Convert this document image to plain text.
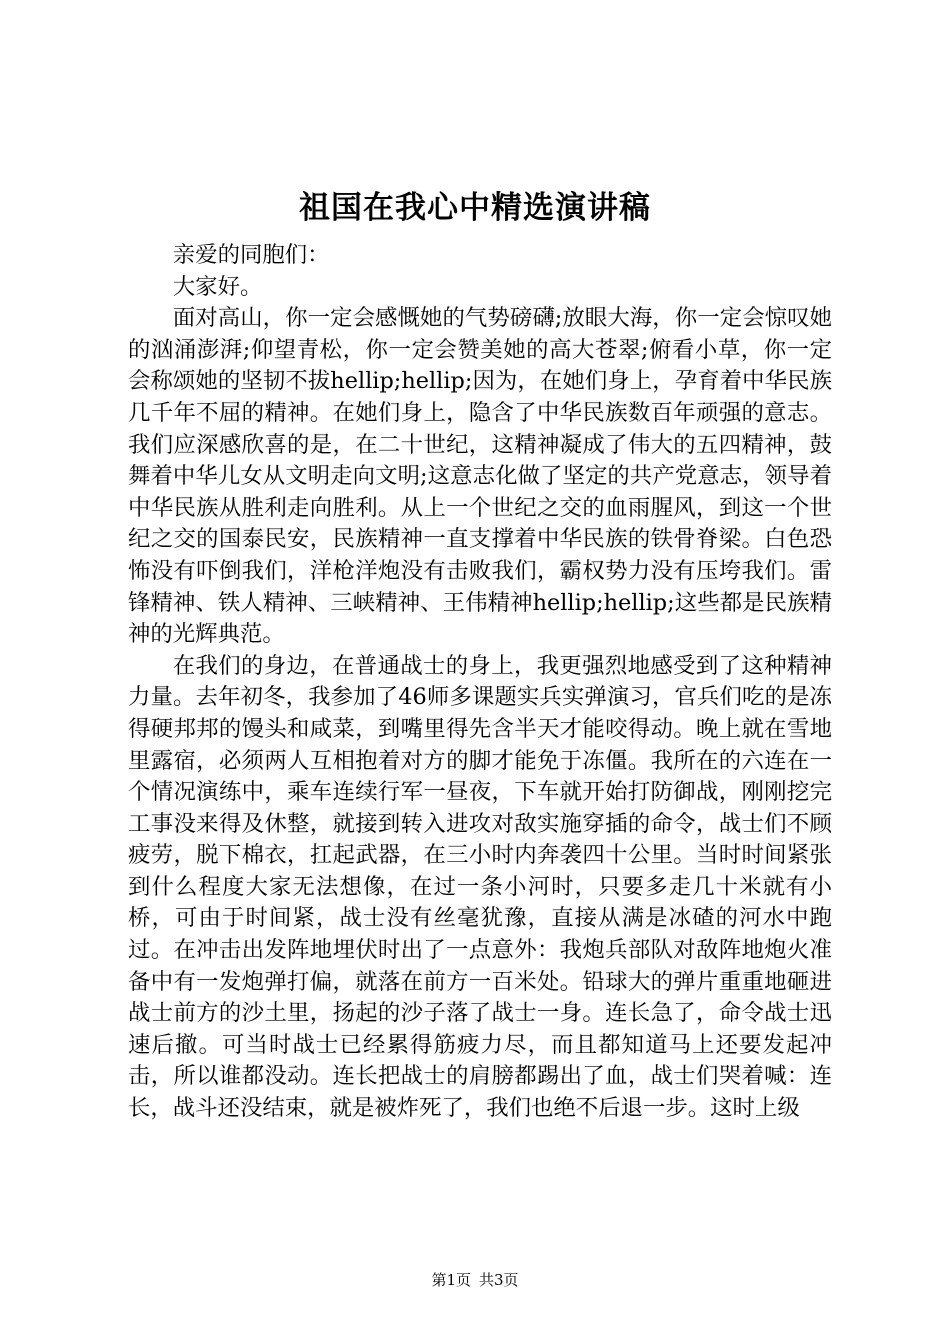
祖国在我心中精选演讲稿

亲爱的同胞们：

大家好。

面对高山，你一定会感慨她的气势磅礴;放眼大海，你一定会惊叹她的汹涌澎湃;仰望青松，你一定会赞美她的高大苍翠;俯看小草，你一定会称颂她的坚韧不拔hellip;hellip;因为，在她们身上，孕育着中华民族几千年不屈的精神。在她们身上，隐含了中华民族数百年顽强的意志。我们应深感欣喜的是，在二十世纪，这精神凝成了伟大的五四精神，鼓舞着中华儿女从文明走向文明;这意志化做了坚定的共产党意志，领导着中华民族从胜利走向胜利。从上一个世纪之交的血雨腥风，到这一个世纪之交的国泰民安，民族精神一直支撑着中华民族的铁骨脊梁。白色恐怖没有吓倒我们，洋枪洋炮没有击败我们，霸权势力没有压垮我们。雷锋精神、铁人精神、三峡精神、王伟精神hellip;hellip;这些都是民族精神的光辉典范。

在我们的身边，在普通战士的身上，我更强烈地感受到了这种精神力量。去年初冬，我参加了46师多课题实兵实弹演习，官兵们吃的是冻得硬邦邦的馒头和咸菜，到嘴里得先含半天才能咬得动。晚上就在雪地里露宿，必须两人互相抱着对方的脚才能免于冻僵。我所在的六连在一个情况演练中，乘车连续行军一昼夜，下车就开始打防御战，刚刚挖完工事没来得及休整，就接到转入进攻对敌实施穿插的命令，战士们不顾疲劳，脱下棉衣，扛起武器，在三小时内奔袭四十公里。当时时间紧张到什么程度大家无法想像，在过一条小河时，只要多走几十米就有小桥，可由于时间紧，战士没有丝毫犹豫，直接从满是冰碴的河水中跑过。在冲击出发阵地埋伏时出了一点意外：我炮兵部队对敌阵地炮火准备中有一发炮弹打偏，就落在前方一百米处。铅球大的弹片重重地砸进战士前方的沙土里，扬起的沙子落了战士一身。连长急了，命令战士迅速后撤。可当时战士已经累得筋疲力尽，而且都知道马上还要发起冲击，所以谁都没动。连长把战士的肩膀都踢出了血，战士们哭着喊：连长，战斗还没结束，就是被炸死了，我们也绝不后退一步。这时上级

第1页 共3页
